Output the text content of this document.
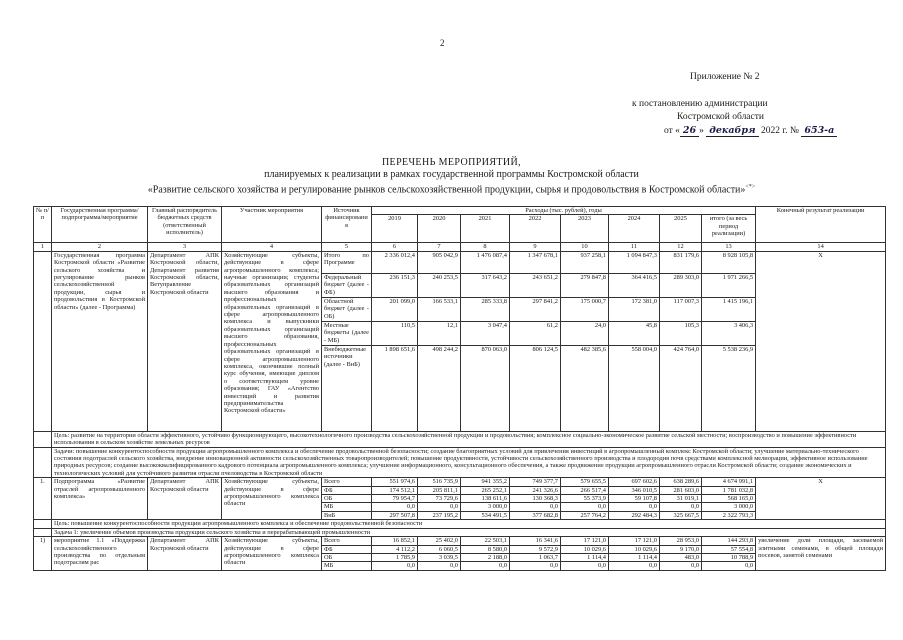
2
Приложение № 2
к постановлению администрации
Костромской области
от « 26 » декабря 2022 г. № 653-а
ПЕРЕЧЕНЬ МЕРОПРИЯТИЙ,
планируемых к реализации в рамках государственной программы Костромской области
«Развитие сельского хозяйства и регулирование рынков сельскохозяйственной продукции, сырья и продовольствия в Костромской области»<*>
№ п/п	Государственная программа/подпрограмма/мероприятие	Главный распорядитель бюджетных средств (ответственный исполнитель)	Участник мероприятия	Источник финансирования	Расходы (тыс. рублей), годы								Конечный результат реализации
					2019	2020	2021	2022	2023	2024	2025	итого (за весь период реализации)	
1	2	3	4	5	6	7	8	9	10	11	12	13	14
	Государственная программа Костромской области «Развитие сельского хозяйства и регулирование рынков сельскохозяйственной продукции, сырья и продовольствия в Костромской области» (далее - Программа)	Департамент АПК Костромской области, Департамент развития Костромской области, Ветуправление Костромской области	Хозяйствующие субъекты, действующие в сфере агропромышленного комплекса; научные организации; студенты образовательных организаций высшего образования и профессиональных образовательных организаций в сфере агропромышленного комплекса и выпускники образовательных организаций высшего образования, профессиональных образовательных организаций в сфере агропромышленного комплекса, окончившие полный курс обучения, имеющие диплом о соответствующем уровне образования; ГАУ «Агентство инвестиций и развития предпринимательства Костромской области»	Итого по Программе	2 336 012,4	905 042,9	1 476 087,4	1 347 678,1	937 258,1	1 094 847,3	831 179,6	8 928 105,8	Х
				Федеральный бюджет (далее - ФБ)	236 151,3	240 253,5	317 643,2	243 651,2	279 847,8	364 416,5	289 303,0	1 971 266,5	
				Областной бюджет (далее - ОБ)	201 099,0	166 533,1	285 333,8	297 841,2	175 000,7	172 381,0	117 007,3	1 415 196,1	
				Местные бюджеты (далее - МБ)	110,5	12,1	3 047,4	61,2	24,0	45,8	105,3	3 406,3	
				Внебюджетные источники (далее - ВнБ)	1 898 651,6	498 244,2	870 063,0	806 124,5	482 385,6	558 004,0	424 764,0	5 538 236,9	
	Цель: развитие на территории области эффективного, устойчиво функционирующего, высокотехнологичного производства сельскохозяйственной продукции и продовольствия; комплексное социально-экономическое развитие сельской местности; воспроизводство и повышение эффективности использования в сельском хозяйстве земельных ресурсов												
	Задачи: повышение конкурентоспособности продукции агропромышленного комплекса и обеспечение продовольственной безопасности; создание благоприятных условий для привлечения инвестиций в агропромышленный комплекс Костромской области; улучшение материально-технического состояния подотраслей сельского хозяйства, внедрение инновационной активности сельскохозяйственных товаропроизводителей; повышение продуктивности, устойчивости сельскохозяйственного производства и плодородия почв средствами комплексной мелиорации, эффективное использование природных ресурсов; создание высококвалифицированного кадрового потенциала агропромышленного комплекса; улучшение информационного, консультационного обеспечения, а также продвижение продукции агропромышленного отрасли Костромской области; создание экономических и технологических условий для устойчивого развития отрасли пчеловодства в Костромской области												
1.	Подпрограмма «Развитие отраслей агропромышленного комплекса»	Департамент АПК Костромской области	Хозяйствующие субъекты, действующие в сфере агропромышленного комплекса области	Всего	551 974,6	516 735,9	941 355,2	749 377,7	579 655,5	697 602,6	638 289,6	4 674 991,1	Х
				ФБ	174 512,1	205 811,1	265 252,1	241 326,6	266 517,4	346 010,5	281 603,0	1 781 032,8	
				ОБ	79 954,7	73 729,6	138 611,6	130 368,3	55 373,9	59 107,8	31 019,1	568 165,0	
				МБ	0,0	0,0	3 000,0	0,0	0,0	0,0	0,0	3 000,0	
				ВнБ	297 507,8	237 195,2	534 491,5	377 682,8	257 764,2	292 484,3	325 667,5	2 322 793,3	
	Цель: повышение конкурентоспособности продукции агропромышленного комплекса и обеспечение продовольственной безопасности												
	Задача 1: увеличение объемов производства продукции сельского хозяйства и перерабатывающей промышленности												
1)	мероприятие 1.1 «Поддержка сельскохозяйственного производства по отдельным подотраслям рас	Департамент АПК Костромской области	Хозяйствующие субъекты, действующие в сфере агропромышленного комплекса области	Всего	16 852,1	25 402,0	22 503,1	16 341,6	17 121,0	17 121,0	28 953,0	144 293,8	увеличение доли площади, засеваемой элитными семенами, в общей площади посевов, занятой семенами
				ФБ	4 112,2	6 060,5	8 580,0	9 572,9	10 029,6	10 029,6	9 170,0	57 554,8	
				ОБ	1 785,9	3 039,5	2 188,0	1 063,7	1 114,4	1 114,4	483,0	10 788,9	
				МБ	0,0	0,0	0,0	0,0	0,0	0,0	0,0	0,0	
